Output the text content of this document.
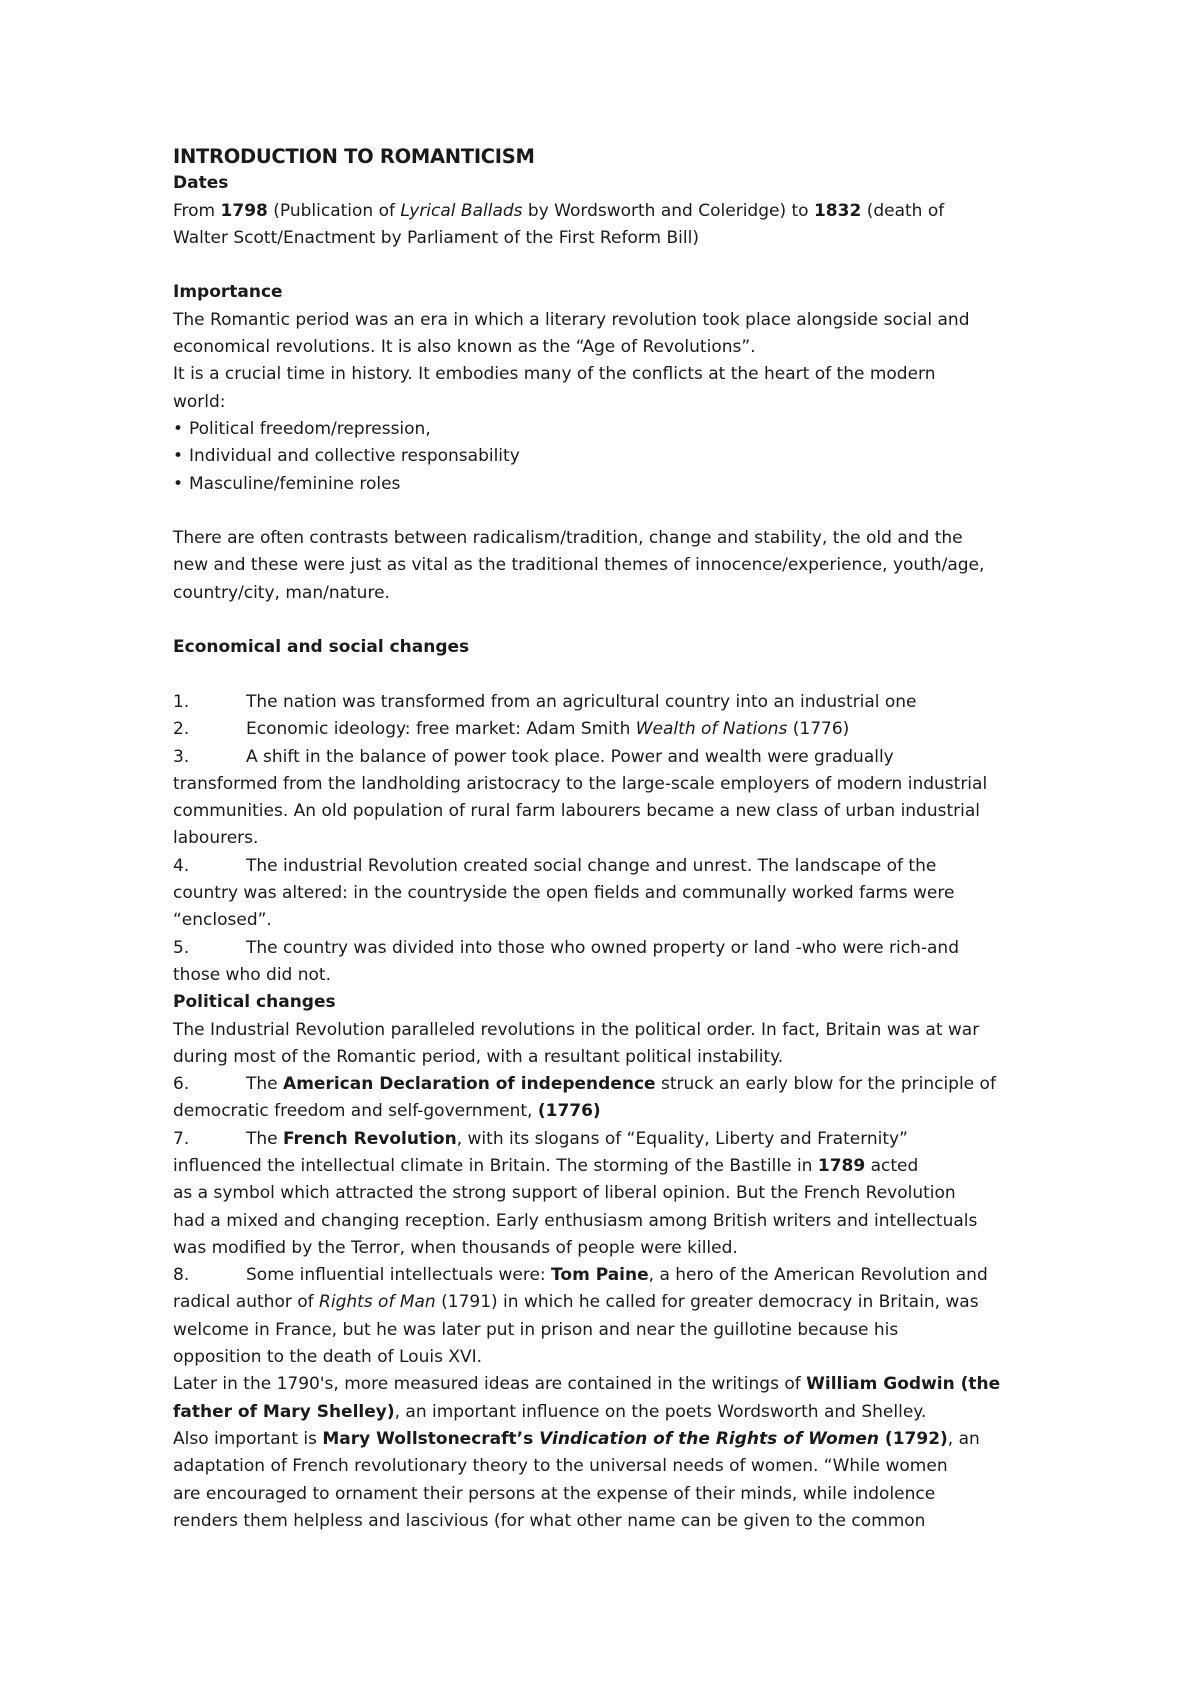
INTRODUCTION TO ROMANTICISM

Dates

From 1798 (Publication of Lyrical Ballads by Wordsworth and Coleridge) to 1832 (death of

Walter Scott/Enactment by Parliament of the First Reform Bill)

Importance

The Romantic period was an era in which a literary revolution took place alongside social and

economical revolutions. It is also known as the “Age of Revolutions”.

It is a crucial time in history. It embodies many of the conflicts at the heart of the modern

world:

• Political freedom/repression,

• Individual and collective responsability

• Masculine/feminine roles

There are often contrasts between radicalism/tradition, change and stability, the old and the

new and these were just as vital as the traditional themes of innocence/experience, youth/age,

country/city, man/nature.

Economical and social changes

1.	The nation was transformed from an agricultural country into an industrial one

2.	Economic ideology: free market: Adam Smith Wealth of Nations (1776)

3.	A shift in the balance of power took place. Power and wealth were gradually

transformed from the landholding aristocracy to the large-scale employers of modern industrial

communities. An old population of rural farm labourers became a new class of urban industrial

labourers.

4.	The industrial Revolution created social change and unrest. The landscape of the

country was altered: in the countryside the open fields and communally worked farms were

“enclosed”.

5.	The country was divided into those who owned property or land -who were rich-and

those who did not.

Political changes

The Industrial Revolution paralleled revolutions in the political order. In fact, Britain was at war

during most of the Romantic period, with a resultant political instability.

6.	The American Declaration of independence struck an early blow for the principle of

democratic freedom and self-government, (1776)

7.	The French Revolution, with its slogans of “Equality, Liberty and Fraternity”

influenced the intellectual climate in Britain. The storming of the Bastille in 1789 acted

as a symbol which attracted the strong support of liberal opinion. But the French Revolution

had a mixed and changing reception. Early enthusiasm among British writers and intellectuals

was modified by the Terror, when thousands of people were killed.

8.	Some influential intellectuals were: Tom Paine, a hero of the American Revolution and

radical author of Rights of Man (1791) in which he called for greater democracy in Britain, was

welcome in France, but he was later put in prison and near the guillotine because his

opposition to the death of Louis XVI.

Later in the 1790's, more measured ideas are contained in the writings of William Godwin (the

father of Mary Shelley), an important influence on the poets Wordsworth and Shelley.

Also important is Mary Wollstonecraft’s Vindication of the Rights of Women (1792), an

adaptation of French revolutionary theory to the universal needs of women. “While women

are encouraged to ornament their persons at the expense of their minds, while indolence

renders them helpless and lascivious (for what other name can be given to the common
